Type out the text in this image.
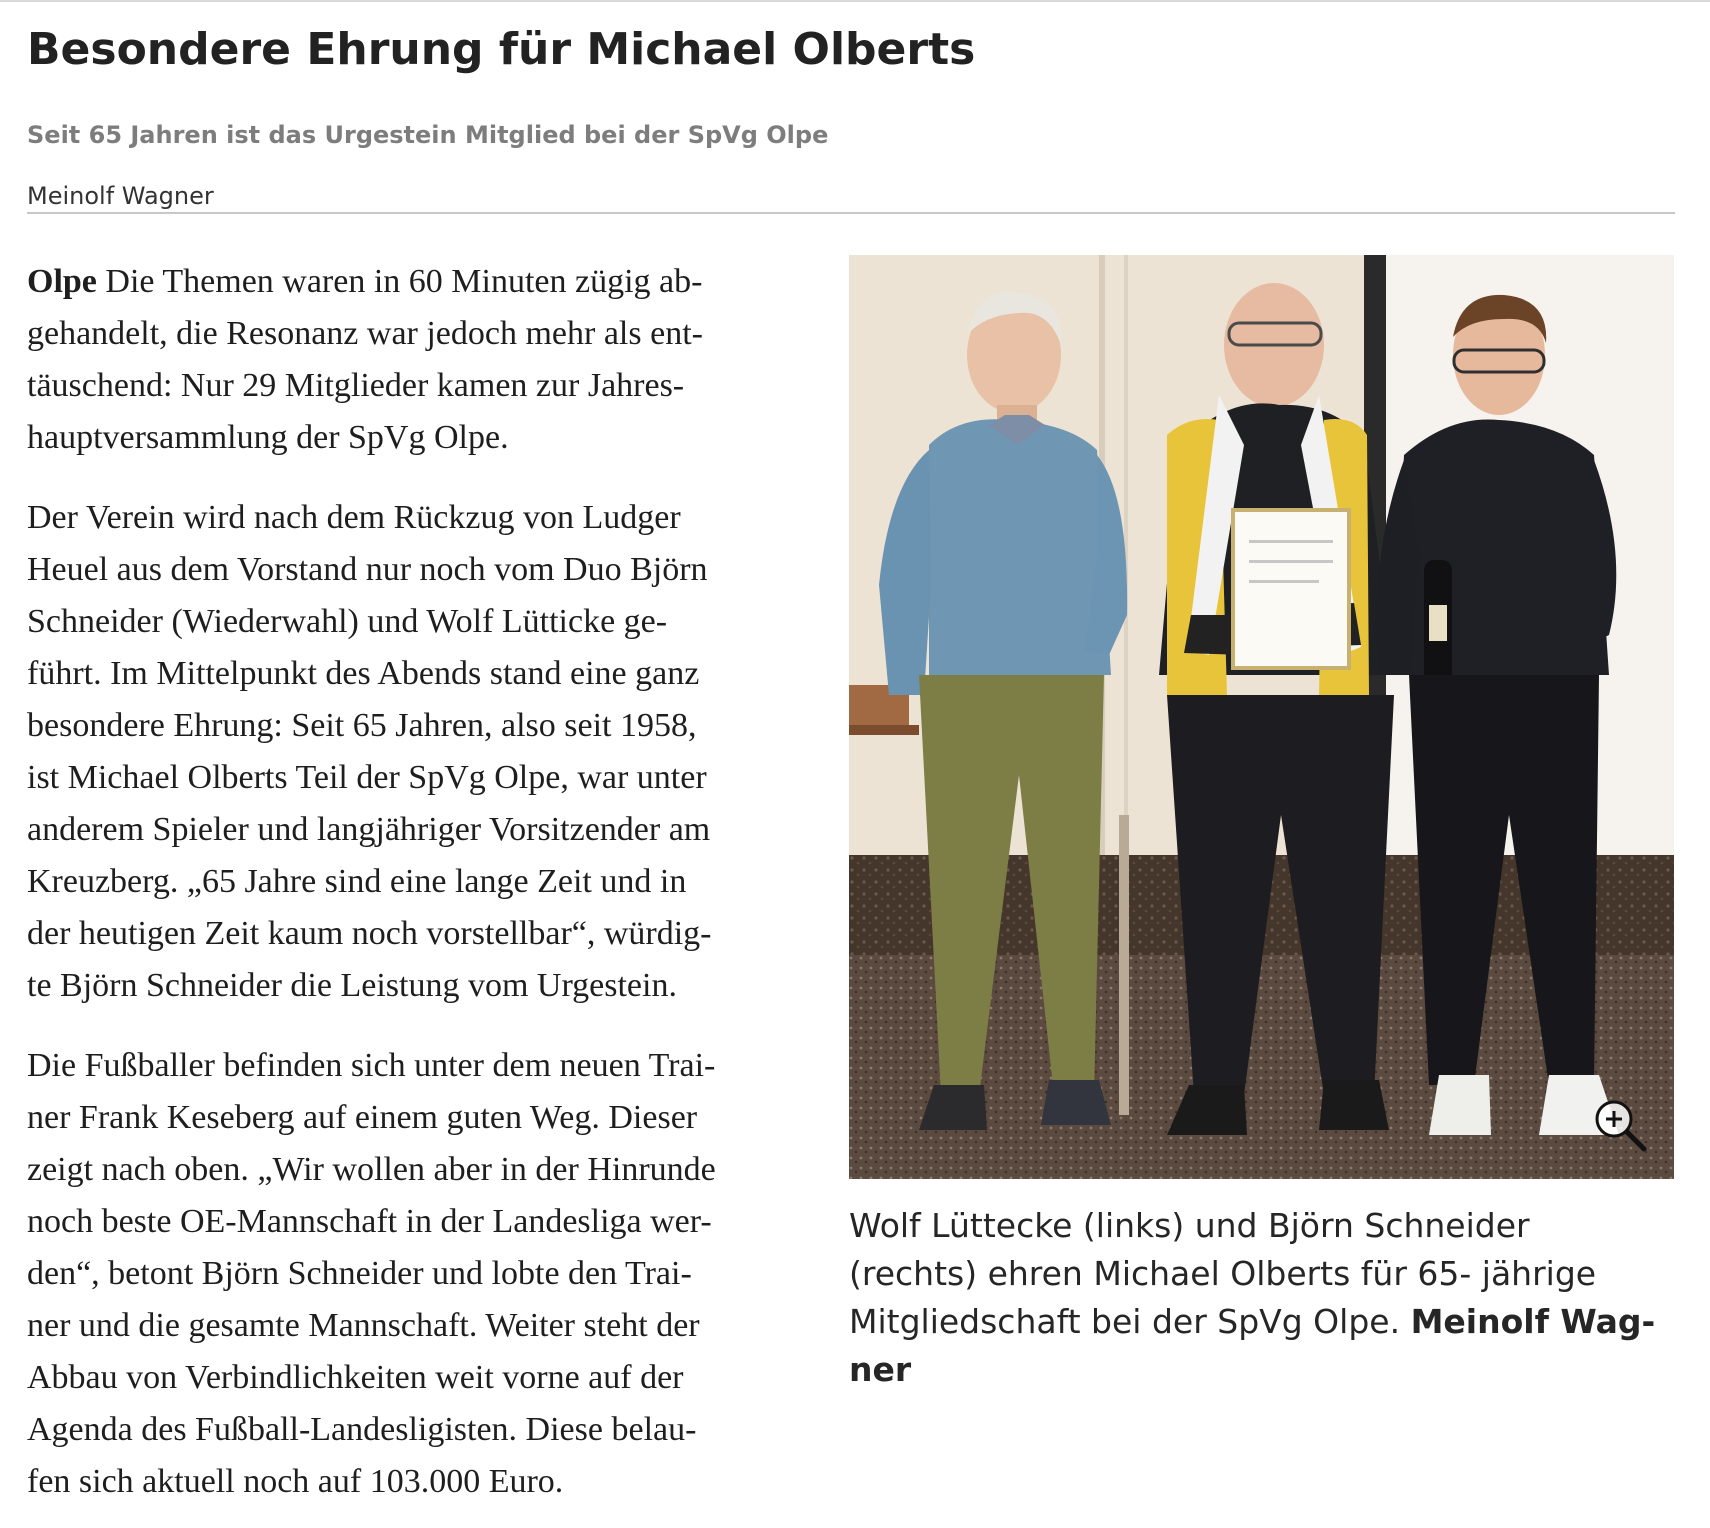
Besondere Ehrung für Michael Olberts
Seit 65 Jahren ist das Urgestein Mitglied bei der SpVg Olpe
Meinolf Wagner

Olpe Die Themen waren in 60 Minuten zügig ab-
gehandelt, die Resonanz war jedoch mehr als ent-
täuschend: Nur 29 Mitglieder kamen zur Jahres-
hauptversammlung der SpVg Olpe.

Der Verein wird nach dem Rückzug von Ludger
Heuel aus dem Vorstand nur noch vom Duo Björn
Schneider (Wiederwahl) und Wolf Lütticke ge-
führt. Im Mittelpunkt des Abends stand eine ganz
besondere Ehrung: Seit 65 Jahren, also seit 1958,
ist Michael Olberts Teil der SpVg Olpe, war unter
anderem Spieler und langjähriger Vorsitzender am
Kreuzberg. „65 Jahre sind eine lange Zeit und in
der heutigen Zeit kaum noch vorstellbar“, würdig-
te Björn Schneider die Leistung vom Urgestein.

Die Fußballer befinden sich unter dem neuen Trai-
ner Frank Keseberg auf einem guten Weg. Dieser
zeigt nach oben. „Wir wollen aber in der Hinrunde
noch beste OE-Mannschaft in der Landesliga wer-
den“, betont Björn Schneider und lobte den Trai-
ner und die gesamte Mannschaft. Weiter steht der
Abbau von Verbindlichkeiten weit vorne auf der
Agenda des Fußball-Landesligisten. Diese belau-
fen sich aktuell noch auf 103.000 Euro.

Wolf Lüttecke (links) und Björn Schneider
(rechts) ehren Michael Olberts für 65- jährige
Mitgliedschaft bei der SpVg Olpe. Meinolf Wag-
ner
